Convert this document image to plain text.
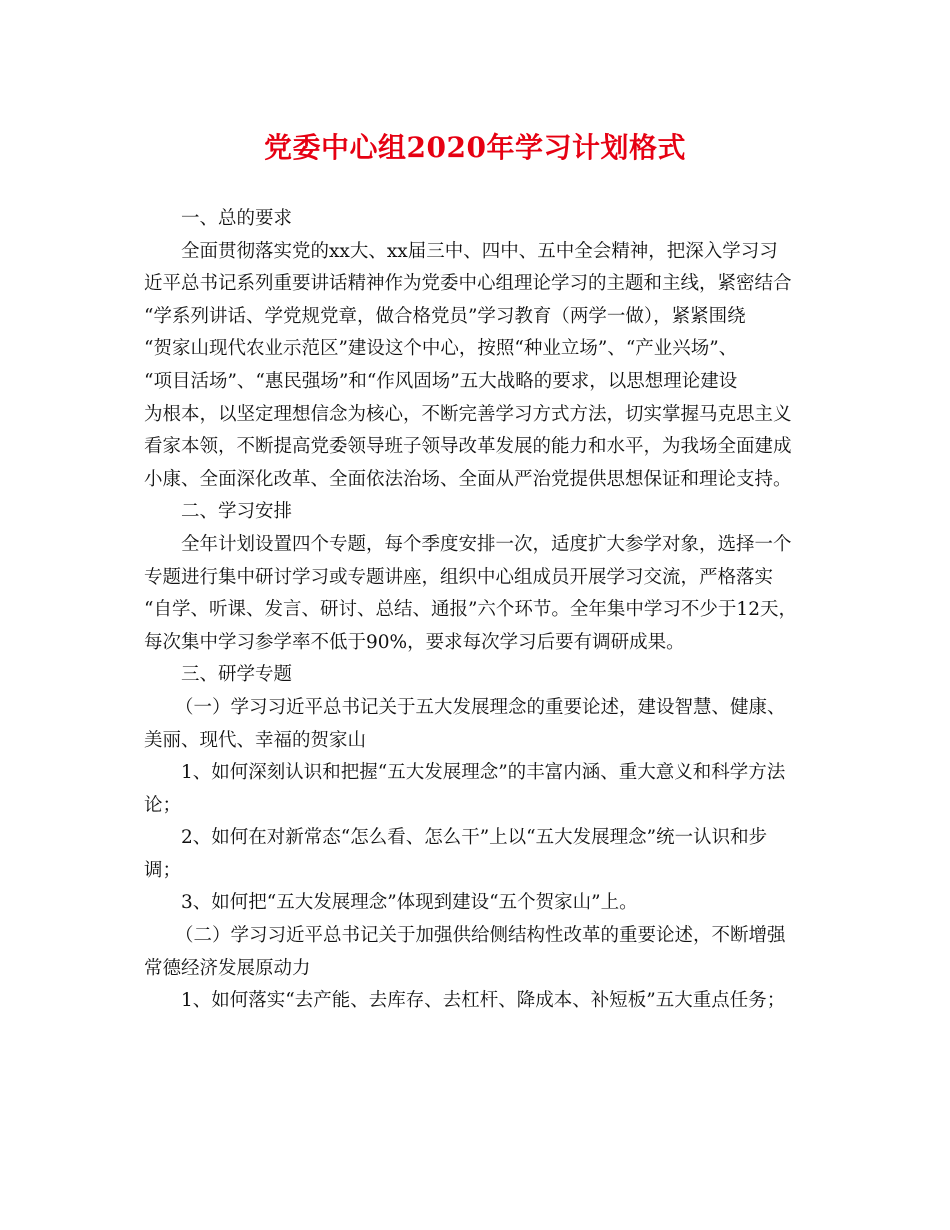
党委中心组2020年学习计划格式
一、总的要求
全面贯彻落实党的xx大、xx届三中、四中、五中全会精神，把深入学习习
近平总书记系列重要讲话精神作为党委中心组理论学习的主题和主线，紧密结合
“学系列讲话、学党规党章，做合格党员”学习教育（两学一做），紧紧围绕
“贺家山现代农业示范区”建设这个中心，按照“种业立场”、“产业兴场”、
“项目活场”、“惠民强场”和“作风固场”五大战略的要求，以思想理论建设
为根本，以坚定理想信念为核心，不断完善学习方式方法，切实掌握马克思主义
看家本领，不断提高党委领导班子领导改革发展的能力和水平，为我场全面建成
小康、全面深化改革、全面依法治场、全面从严治党提供思想保证和理论支持。
二、学习安排
全年计划设置四个专题，每个季度安排一次，适度扩大参学对象，选择一个
专题进行集中研讨学习或专题讲座，组织中心组成员开展学习交流，严格落实
“自学、听课、发言、研讨、总结、通报”六个环节。全年集中学习不少于12天，
每次集中学习参学率不低于90%，要求每次学习后要有调研成果。
三、研学专题
（一）学习习近平总书记关于五大发展理念的重要论述，建设智慧、健康、
美丽、现代、幸福的贺家山
1、如何深刻认识和把握“五大发展理念”的丰富内涵、重大意义和科学方法
论；
2、如何在对新常态“怎么看、怎么干”上以“五大发展理念”统一认识和步
调；
3、如何把“五大发展理念”体现到建设“五个贺家山”上。
（二）学习习近平总书记关于加强供给侧结构性改革的重要论述，不断增强
常德经济发展原动力
1、如何落实“去产能、去库存、去杠杆、降成本、补短板”五大重点任务；
